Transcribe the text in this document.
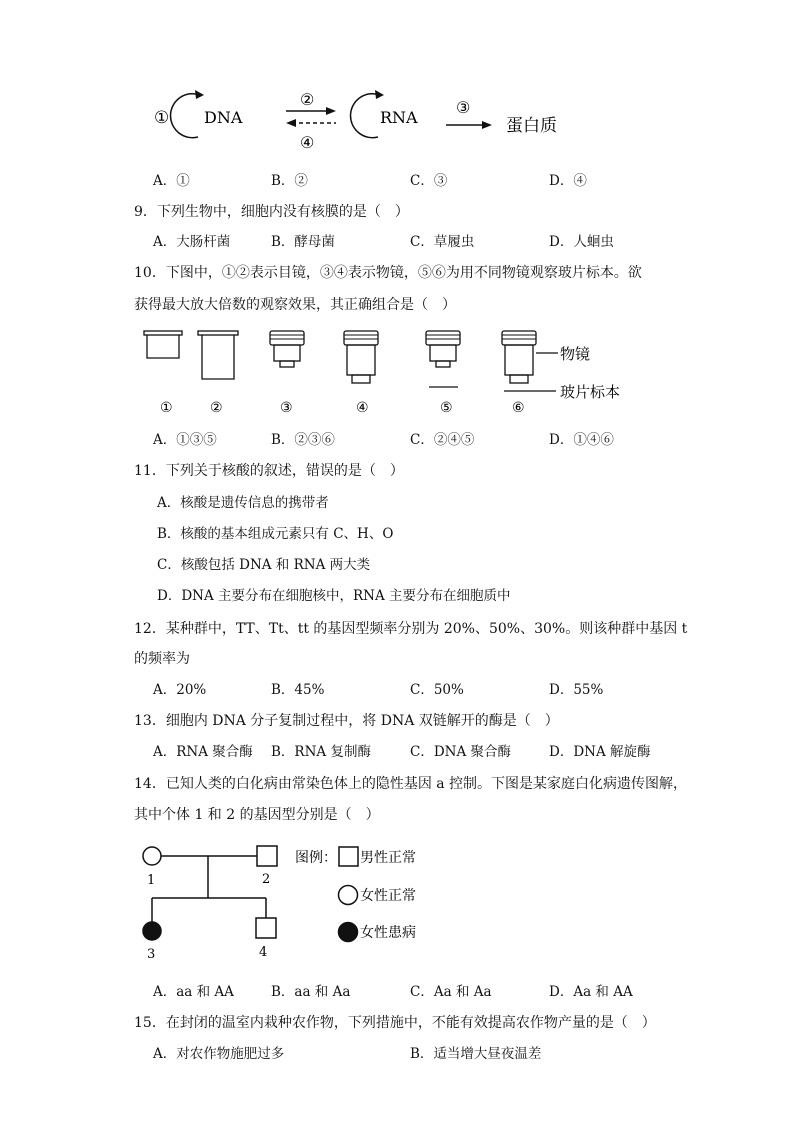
① DNA
②
④
RNA
③
蛋白质
A．①	B．②	C．③	D．④
9．下列生物中，细胞内没有核膜的是（　）
A．大肠杆菌	B．酵母菌	C．草履虫	D．人蛔虫
10．下图中，①②表示目镜，③④表示物镜，⑤⑥为用不同物镜观察玻片标本。欲
获得最大放大倍数的观察效果，其正确组合是（　）
物镜
玻片标本
①	②	③	④	⑤	⑥
A．①③⑤	B．②③⑥	C．②④⑤	D．①④⑥
11．下列关于核酸的叙述，错误的是（　）
A．核酸是遗传信息的携带者
B．核酸的基本组成元素只有 C、H、O
C．核酸包括 DNA 和 RNA 两大类
D．DNA 主要分布在细胞核中，RNA 主要分布在细胞质中
12．某种群中，TT、Tt、tt 的基因型频率分别为 20%、50%、30%。则该种群中基因 t
的频率为
A．20%	B．45%	C．50%	D．55%
13．细胞内 DNA 分子复制过程中，将 DNA 双链解开的酶是（　）
A．RNA 聚合酶 B．RNA 复制酶	C．DNA 聚合酶	D．DNA 解旋酶
14．已知人类的白化病由常染色体上的隐性基因 a 控制。下图是某家庭白化病遗传图解，
其中个体 1 和 2 的基因型分别是（　）
1	2
3	4
图例： 男性正常
女性正常
女性患病
A．aa 和 AA	B．aa 和 Aa	C．Aa 和 Aa	D．Aa 和 AA
15．在封闭的温室内栽种农作物，下列措施中，不能有效提高农作物产量的是（　）
A．对农作物施肥过多	B．适当增大昼夜温差
